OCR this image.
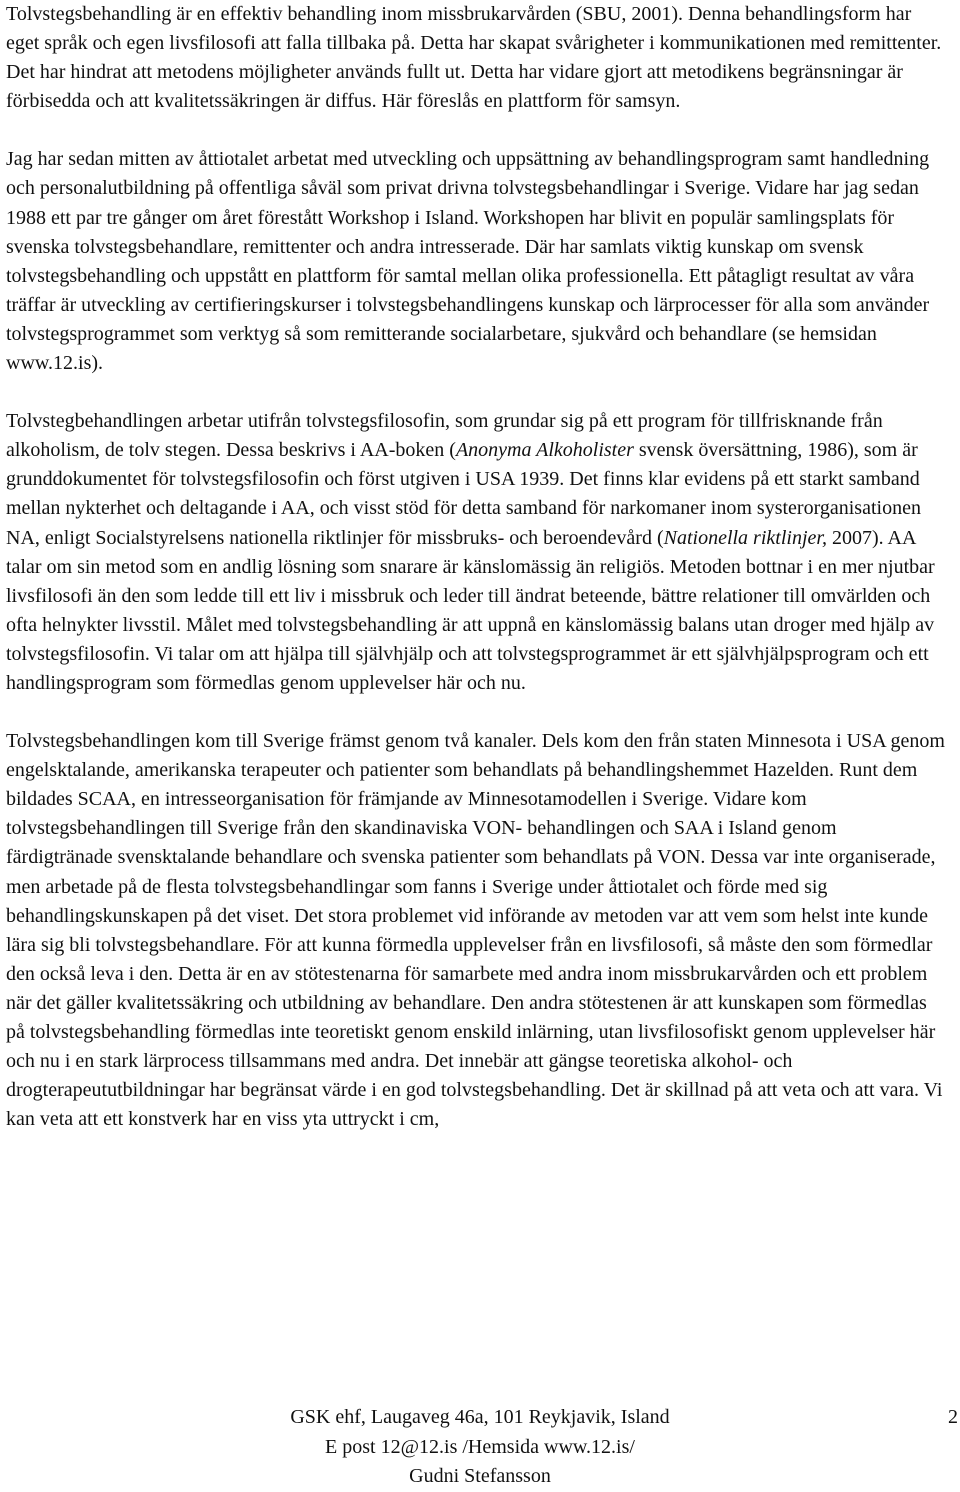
Tolvstegsbehandling är en effektiv behandling inom missbrukarvården (SBU, 2001). Denna behandlingsform har eget språk och egen livsfilosofi att falla tillbaka på. Detta har skapat svårigheter i kommunikationen med remittenter. Det har hindrat att metodens möjligheter används fullt ut. Detta har vidare gjort att metodikens begränsningar är förbisedda och att kvalitetssäkringen är diffus. Här föreslås en plattform för samsyn.

Jag har sedan mitten av åttiotalet arbetat med utveckling och uppsättning av behandlingsprogram samt handledning och personalutbildning på offentliga såväl som privat drivna tolvstegsbehandlingar i Sverige. Vidare har jag sedan 1988 ett par tre gånger om året förestått Workshop i Island. Workshopen har blivit en populär samlingsplats för svenska tolvstegsbehandlare, remittenter och andra intresserade. Där har samlats viktig kunskap om svensk tolvstegsbehandling och uppstått en plattform för samtal mellan olika professionella. Ett påtagligt resultat av våra träffar är utveckling av certifieringskurser i tolvstegsbehandlingens kunskap och lärprocesser för alla som använder tolvstegsprogrammet som verktyg så som remitterande socialarbetare, sjukvård och behandlare (se hemsidan www.12.is).

Tolvstegbehandlingen arbetar utifrån tolvstegsfilosofin, som grundar sig på ett program för tillfrisknande från alkoholism, de tolv stegen. Dessa beskrivs i AA-boken (Anonyma Alkoholister svensk översättning, 1986), som är grunddokumentet för tolvstegsfilosofin och först utgiven i USA 1939. Det finns klar evidens på ett starkt samband mellan nykterhet och deltagande i AA, och visst stöd för detta samband för narkomaner inom systerorganisationen NA, enligt Socialstyrelsens nationella riktlinjer för missbruks- och beroendevård (Nationella riktlinjer, 2007). AA talar om sin metod som en andlig lösning som snarare är känslomässig än religiös. Metoden bottnar i en mer njutbar livsfilosofi än den som ledde till ett liv i missbruk och leder till ändrat beteende, bättre relationer till omvärlden och ofta helnykter livsstil. Målet med tolvstegsbehandling är att uppnå en känslomässig balans utan droger med hjälp av tolvstegsfilosofin. Vi talar om att hjälpa till självhjälp och att tolvstegsprogrammet är ett självhjälpsprogram och ett handlingsprogram som förmedlas genom upplevelser här och nu.

Tolvstegsbehandlingen kom till Sverige främst genom två kanaler. Dels kom den från staten Minnesota i USA genom engelsktalande, amerikanska terapeuter och patienter som behandlats på behandlingshemmet Hazelden. Runt dem bildades SCAA, en intresseorganisation för främjande av Minnesotamodellen i Sverige. Vidare kom tolvstegsbehandlingen till Sverige från den skandinaviska VON- behandlingen och SAA i Island genom färdigtränade svensktalande behandlare och svenska patienter som behandlats på VON. Dessa var inte organiserade, men arbetade på de flesta tolvstegsbehandlingar som fanns i Sverige under åttiotalet och förde med sig behandlingskunskapen på det viset. Det stora problemet vid införande av metoden var att vem som helst inte kunde lära sig bli tolvstegsbehandlare. För att kunna förmedla upplevelser från en livsfilosofi, så måste den som förmedlar den också leva i den. Detta är en av stötestenarna för samarbete med andra inom missbrukarvården och ett problem när det gäller kvalitetssäkring och utbildning av behandlare. Den andra stötestenen är att kunskapen som förmedlas på tolvstegsbehandling förmedlas inte teoretiskt genom enskild inlärning, utan livsfilosofiskt genom upplevelser här och nu i en stark lärprocess tillsammans med andra. Det innebär att gängse teoretiska alkohol- och drogterapeututbildningar har begränsat värde i en god tolvstegsbehandling. Det är skillnad på att veta och att vara. Vi kan veta att ett konstverk har en viss yta uttryckt i cm,

GSK ehf, Laugaveg 46a, 101 Reykjavik, Island
E post 12@12.is /Hemsida www.12.is/
Gudni Stefansson
2
